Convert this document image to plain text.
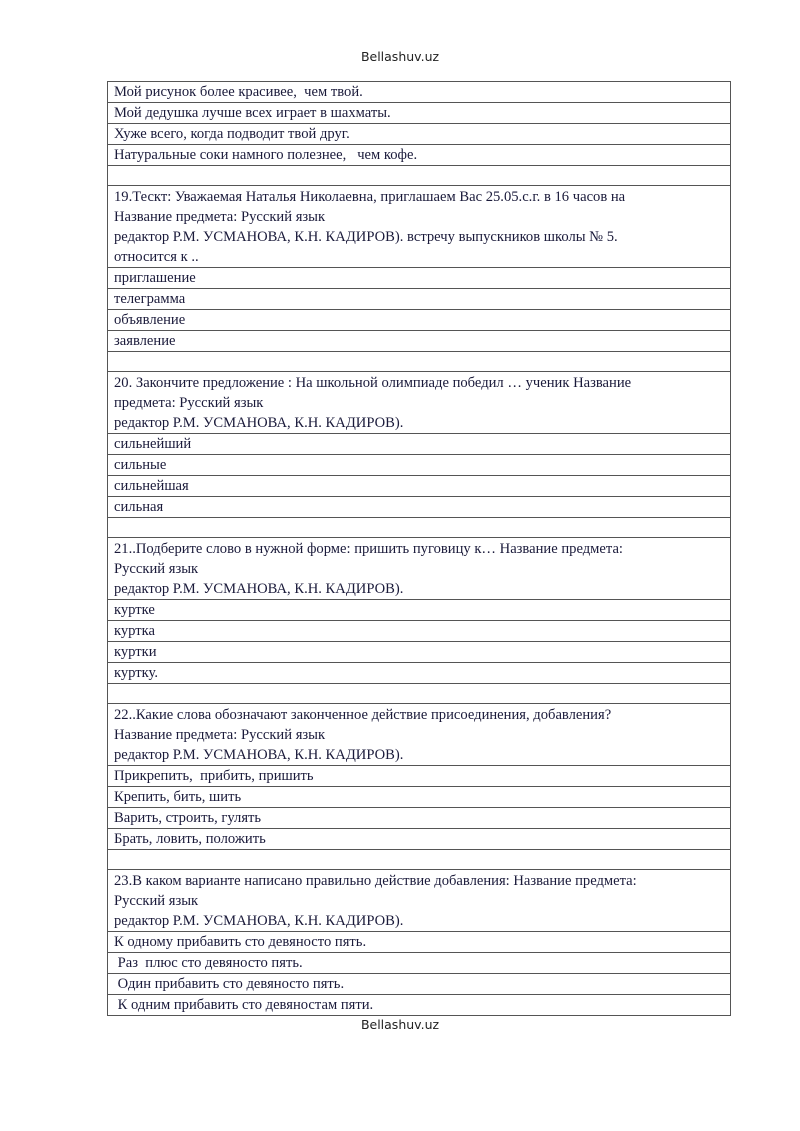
Bellashuv.uz
Мой рисунок более красивее,  чем твой.
Мой дедушка лучше всех играет в шахматы.
Хуже всего, когда подводит твой друг.
Натуральные соки намного полезнее,   чем кофе.
19.Тескт: Уважаемая Наталья Николаевна, приглашаем Вас 25.05.с.г. в 16 часов на
Название предмета: Русский язык
редактор Р.М. УСМАНОВА, К.Н. КАДИРОВ). встречу выпускников школы № 5.
относится к ..
приглашение
телеграмма
объявление
заявление
20. Закончите предложение : На школьной олимпиаде победил … ученик Название
предмета: Русский язык
редактор Р.М. УСМАНОВА, К.Н. КАДИРОВ).
сильнейший
сильные
сильнейшая
сильная
21..Подберите слово в нужной форме: пришить пуговицу к… Название предмета:
Русский язык
редактор Р.М. УСМАНОВА, К.Н. КАДИРОВ).
куртке
куртка
куртки
куртку.
22..Какие слова обозначают законченное действие присоединения, добавления?
Название предмета: Русский язык
редактор Р.М. УСМАНОВА, К.Н. КАДИРОВ).
Прикрепить,  прибить, пришить
Крепить, бить, шить
Варить, строить, гулять
Брать, ловить, положить
23.В каком варианте написано правильно действие добавления: Название предмета:
Русский язык
редактор Р.М. УСМАНОВА, К.Н. КАДИРОВ).
К одному прибавить сто девяносто пять.
Раз  плюс сто девяносто пять.
Один прибавить сто девяносто пять.
К одним прибавить сто девяностам пяти.
Bellashuv.uz
